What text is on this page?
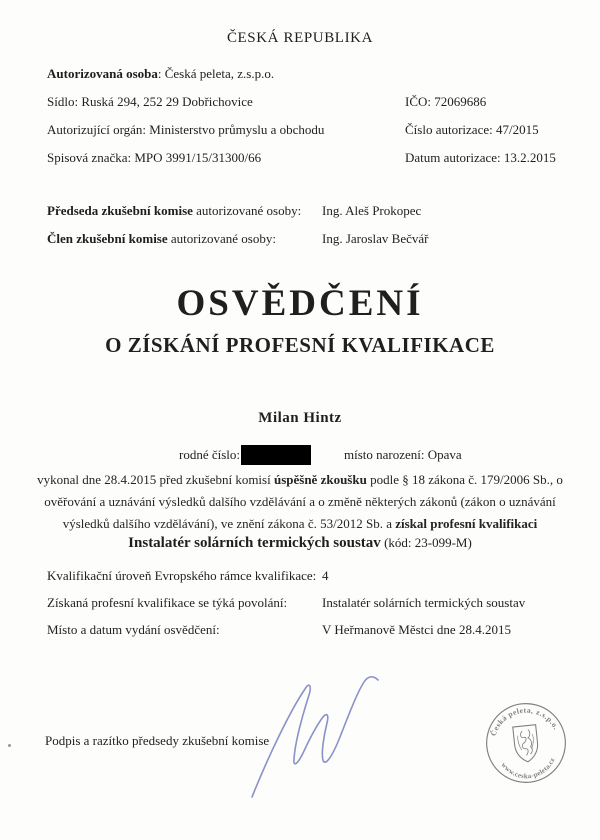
ČESKÁ REPUBLIKA
Autorizovaná osoba: Česká peleta, z.s.p.o.
Sídlo: Ruská 294, 252 29 Dobřichovice	IČO: 72069686
Autorizující orgán: Ministerstvo průmyslu a obchodu	Číslo autorizace: 47/2015
Spisová značka: MPO 3991/15/31300/66	Datum autorizace: 13.2.2015
Předseda zkušební komise autorizované osoby: Ing. Aleš Prokopec
Člen zkušební komise autorizované osoby:	Ing. Jaroslav Bečvář
OSVĚDČENÍ
O ZÍSKÁNÍ PROFESNÍ KVALIFIKACE
Milan Hintz
rodné číslo:	místo narození: Opava
vykonal dne 28.4.2015 před zkušební komisí úspěšně zkoušku podle § 18 zákona č. 179/2006 Sb., o ověřování a uznávání výsledků dalšího vzdělávání a o změně některých zákonů (zákon o uznávání výsledků dalšího vzdělávání), ve znění zákona č. 53/2012 Sb. a získal profesní kvalifikaci
Instalatér solárních termických soustav (kód: 23-099-M)
Kvalifikační úroveň Evropského rámce kvalifikace: 4
Získaná profesní kvalifikace se týká povolání:	Instalatér solárních termických soustav
Místo a datum vydání osvědčení:	V Heřmanově Městci dne 28.4.2015
Podpis a razítko předsedy zkušební komise
Česká peleta, z.s.p.o.
www.ceska-peleta.cz
